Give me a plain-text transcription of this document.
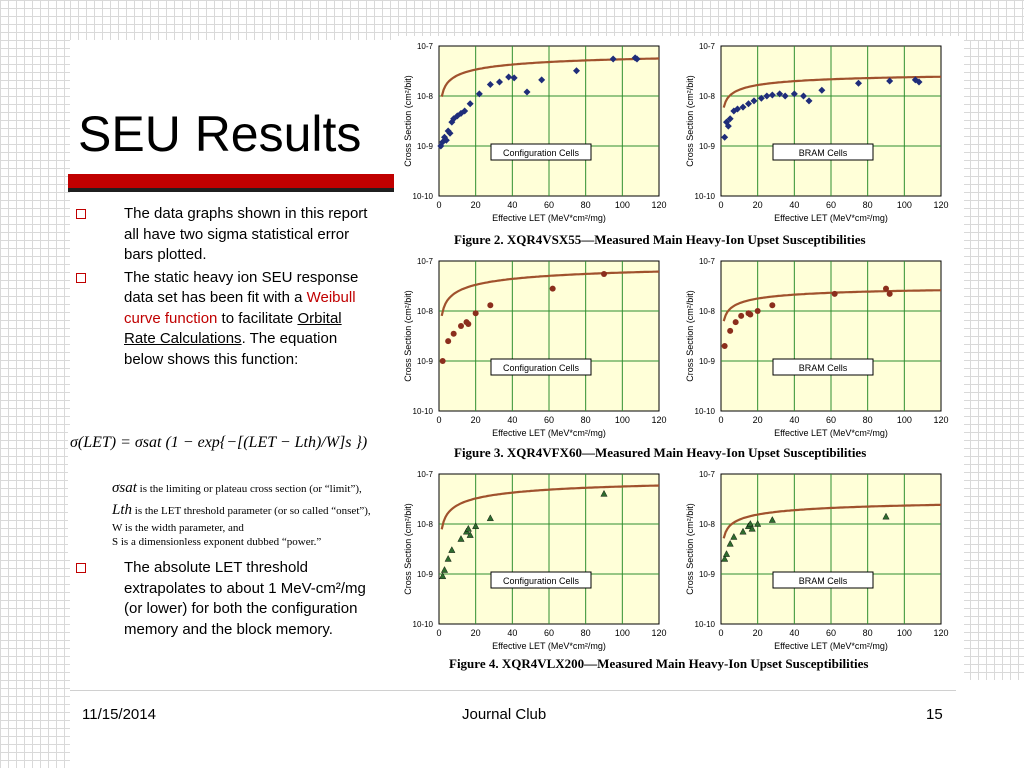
SEU Results
The data graphs shown in this report all have two sigma statistical error bars plotted.
The static heavy ion SEU response data set has been fit with a Weibull curve function to facilitate Orbital Rate Calculations. The equation below shows this function:
σ(LET) = σsat (1 − exp{−[(LET − Lth)/W]s })
σsat is the limiting or plateau cross section (or “limit”),
Lth is the LET threshold parameter (or so called “onset”),
W is the width parameter, and
S is a dimensionless exponent dubbed “power.”
The absolute LET threshold extrapolates to about 1 MeV-cm²/mg (or lower) for both the configuration memory and the block memory.
Figure 2. XQR4VSX55—Measured Main Heavy-Ion Upset Susceptibilities
Figure 3. XQR4VFX60—Measured Main Heavy-Ion Upset Susceptibilities
Figure 4. XQR4VLX200—Measured Main Heavy-Ion Upset Susceptibilities
0	20	40	60	80	100 120
10-10
10-9
10-8
10-7
Effective LET (MeV*cm²/mg)
Cross Section (cm²/bit)	Configuration Cells
0	20	40	60	80	100 120
10-10
10-9
10-8
10-7
Effective LET (MeV*cm²/mg)
Cross Section (cm²/bit)	BRAM Cells
0	20	40	60	80	100 120
10-10
10-9
10-8
10-7
Effective LET (MeV*cm²/mg)
Cross Section (cm²/bit)	Configuration Cells
0	20	40	60	80	100 120
10-10
10-9
10-8
10-7
Effective LET (MeV*cm²/mg)
Cross Section (cm²/bit)	BRAM Cells
0	20	40	60	80	100 120
10-10
10-9
10-8
10-7
Effective LET (MeV*cm²/mg)
Cross Section (cm²/bit)	Configuration Cells
0	20	40	60	80	100 120
10-10
10-9
10-8
10-7
Effective LET (MeV*cm²/mg)
Cross Section (cm²/bit)	BRAM Cells
11/15/2014	Journal Club	15
